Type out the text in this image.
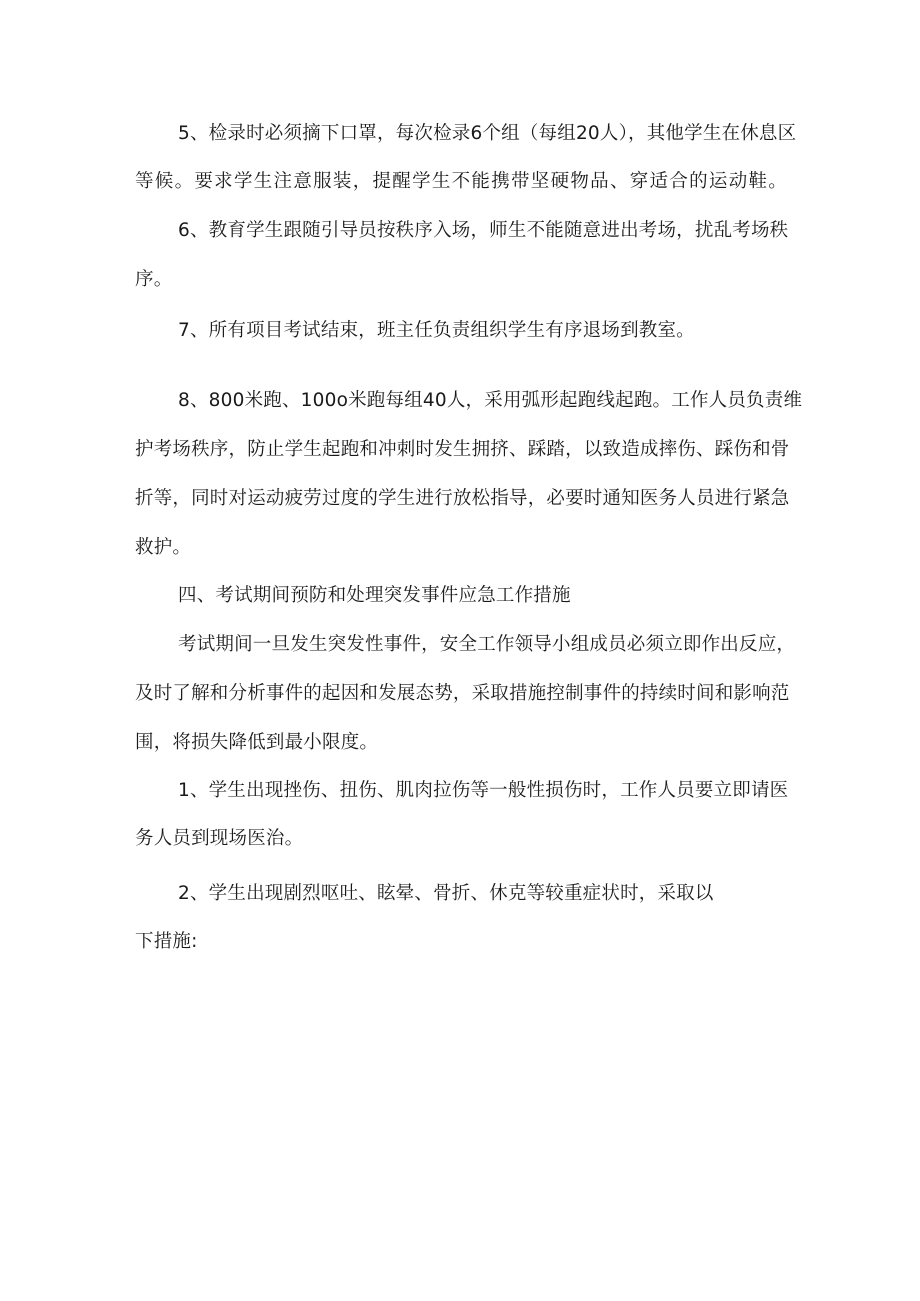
5、检录时必须摘下口罩，每次检录6个组（每组20人），其他学生在休息区
等候。要求学生注意服装，提醒学生不能携带坚硬物品、穿适合的运动鞋。
6、教育学生跟随引导员按秩序入场，师生不能随意进出考场，扰乱考场秩
序。
7、所有项目考试结束，班主任负责组织学生有序退场到教室。
8、800米跑、100o米跑每组40人，采用弧形起跑线起跑。工作人员负责维
护考场秩序，防止学生起跑和冲刺时发生拥挤、踩踏，以致造成摔伤、踩伤和骨
折等，同时对运动疲劳过度的学生进行放松指导，必要时通知医务人员进行紧急
救护。
四、考试期间预防和处理突发事件应急工作措施
考试期间一旦发生突发性事件，安全工作领导小组成员必须立即作出反应，
及时了解和分析事件的起因和发展态势，采取措施控制事件的持续时间和影响范
围，将损失降低到最小限度。
1、学生出现挫伤、扭伤、肌肉拉伤等一般性损伤时，工作人员要立即请医
务人员到现场医治。
2、学生出现剧烈呕吐、眩晕、骨折、休克等较重症状时，采取以
下措施:
